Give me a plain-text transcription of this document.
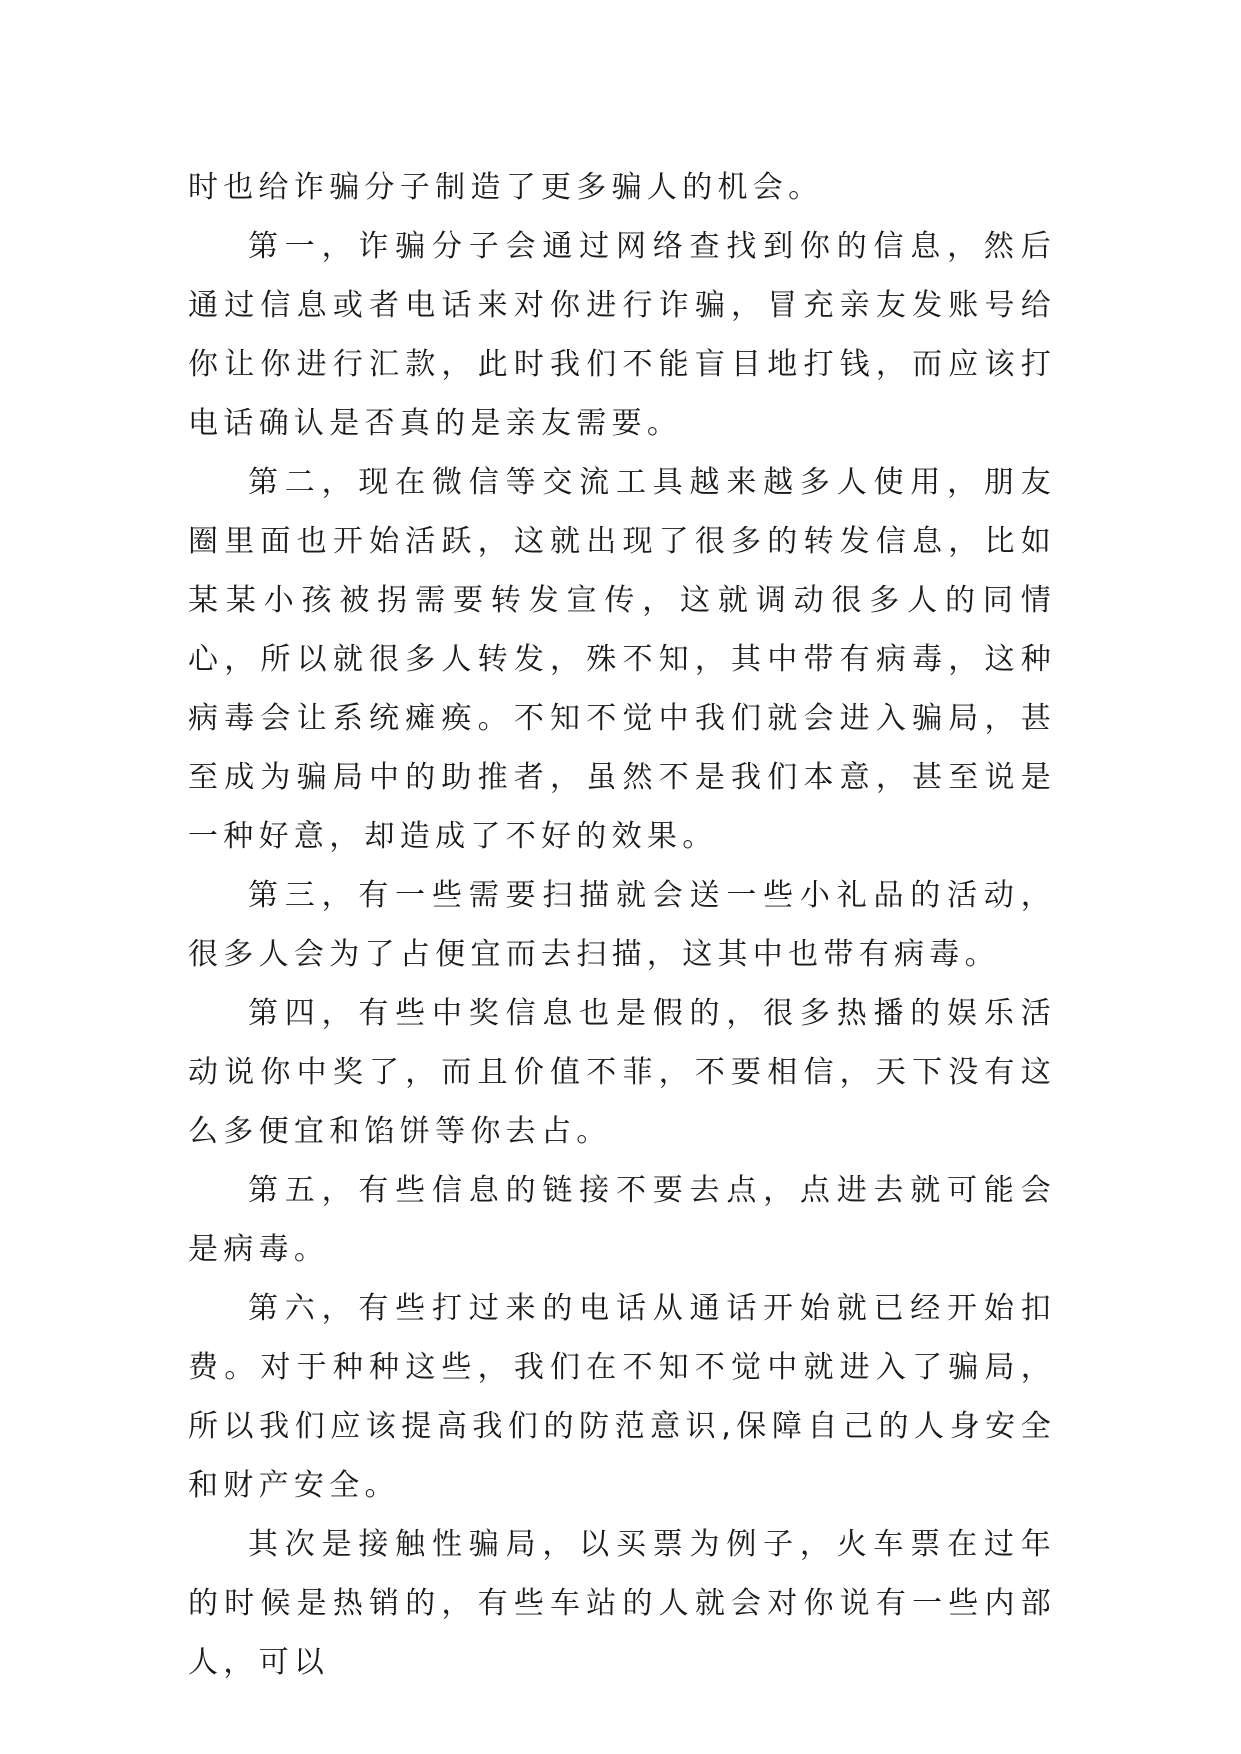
时也给诈骗分子制造了更多骗人的机会。

第一，诈骗分子会通过网络查找到你的信息，然后通过信息或者电话来对你进行诈骗，冒充亲友发账号给你让你进行汇款，此时我们不能盲目地打钱，而应该打电话确认是否真的是亲友需要。

第二，现在微信等交流工具越来越多人使用，朋友圈里面也开始活跃，这就出现了很多的转发信息，比如某某小孩被拐需要转发宣传，这就调动很多人的同情心，所以就很多人转发，殊不知，其中带有病毒，这种病毒会让系统瘫痪。不知不觉中我们就会进入骗局，甚至成为骗局中的助推者，虽然不是我们本意，甚至说是一种好意，却造成了不好的效果。

第三，有一些需要扫描就会送一些小礼品的活动，很多人会为了占便宜而去扫描，这其中也带有病毒。

第四，有些中奖信息也是假的，很多热播的娱乐活动说你中奖了，而且价值不菲，不要相信，天下没有这么多便宜和馅饼等你去占。

第五，有些信息的链接不要去点，点进去就可能会是病毒。

第六，有些打过来的电话从通话开始就已经开始扣费。对于种种这些，我们在不知不觉中就进入了骗局，所以我们应该提高我们的防范意识,保障自己的人身安全和财产安全。

其次是接触性骗局，以买票为例子，火车票在过年的时候是热销的，有些车站的人就会对你说有一些内部人，可以
